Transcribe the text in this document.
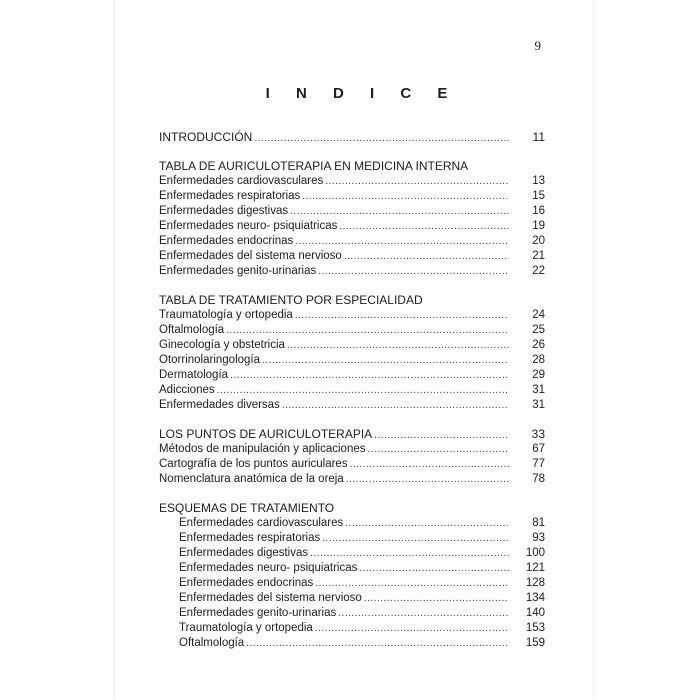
9
I N D I C E
INTRODUCCIÓN .....	11
TABLA DE AURICULOTERAPIA EN MEDICINA INTERNA
Enfermedades cardiovasculares .....	13
Enfermedades respiratorias .....	15
Enfermedades digestivas .....	16
Enfermedades neuro- psiquiatricas .....	19
Enfermedades endocrinas .....	20
Enfermedades del sistema nervioso .....	21
Enfermedades genito-urinarias .....	22
TABLA DE TRATAMIENTO POR ESPECIALIDAD
Traumatología y ortopedia .....	24
Oftalmología .....	25
Ginecología y obstetricia .....	26
Otorrinolaringología .....	28
Dermatología .....	29
Adicciones .....	31
Enfermedades diversas .....	31
LOS PUNTOS DE AURICULOTERAPIA .....	33
Métodos de manipulación y aplicaciones .....	67
Cartografía de los puntos auriculares .....	77
Nomenclatura anatómica de la oreja .....	78
ESQUEMAS DE TRATAMIENTO
Enfermedades cardiovasculares .....	81
Enfermedades respiratorias .....	93
Enfermedades digestivas .....	100
Enfermedades neuro- psiquiatricas .....	121
Enfermedades endocrinas .....	128
Enfermedades del sistema nervioso .....	134
Enfermedades genito-urinarias .....	140
Traumatología y ortopedia .....	153
Oftalmología .....	159
